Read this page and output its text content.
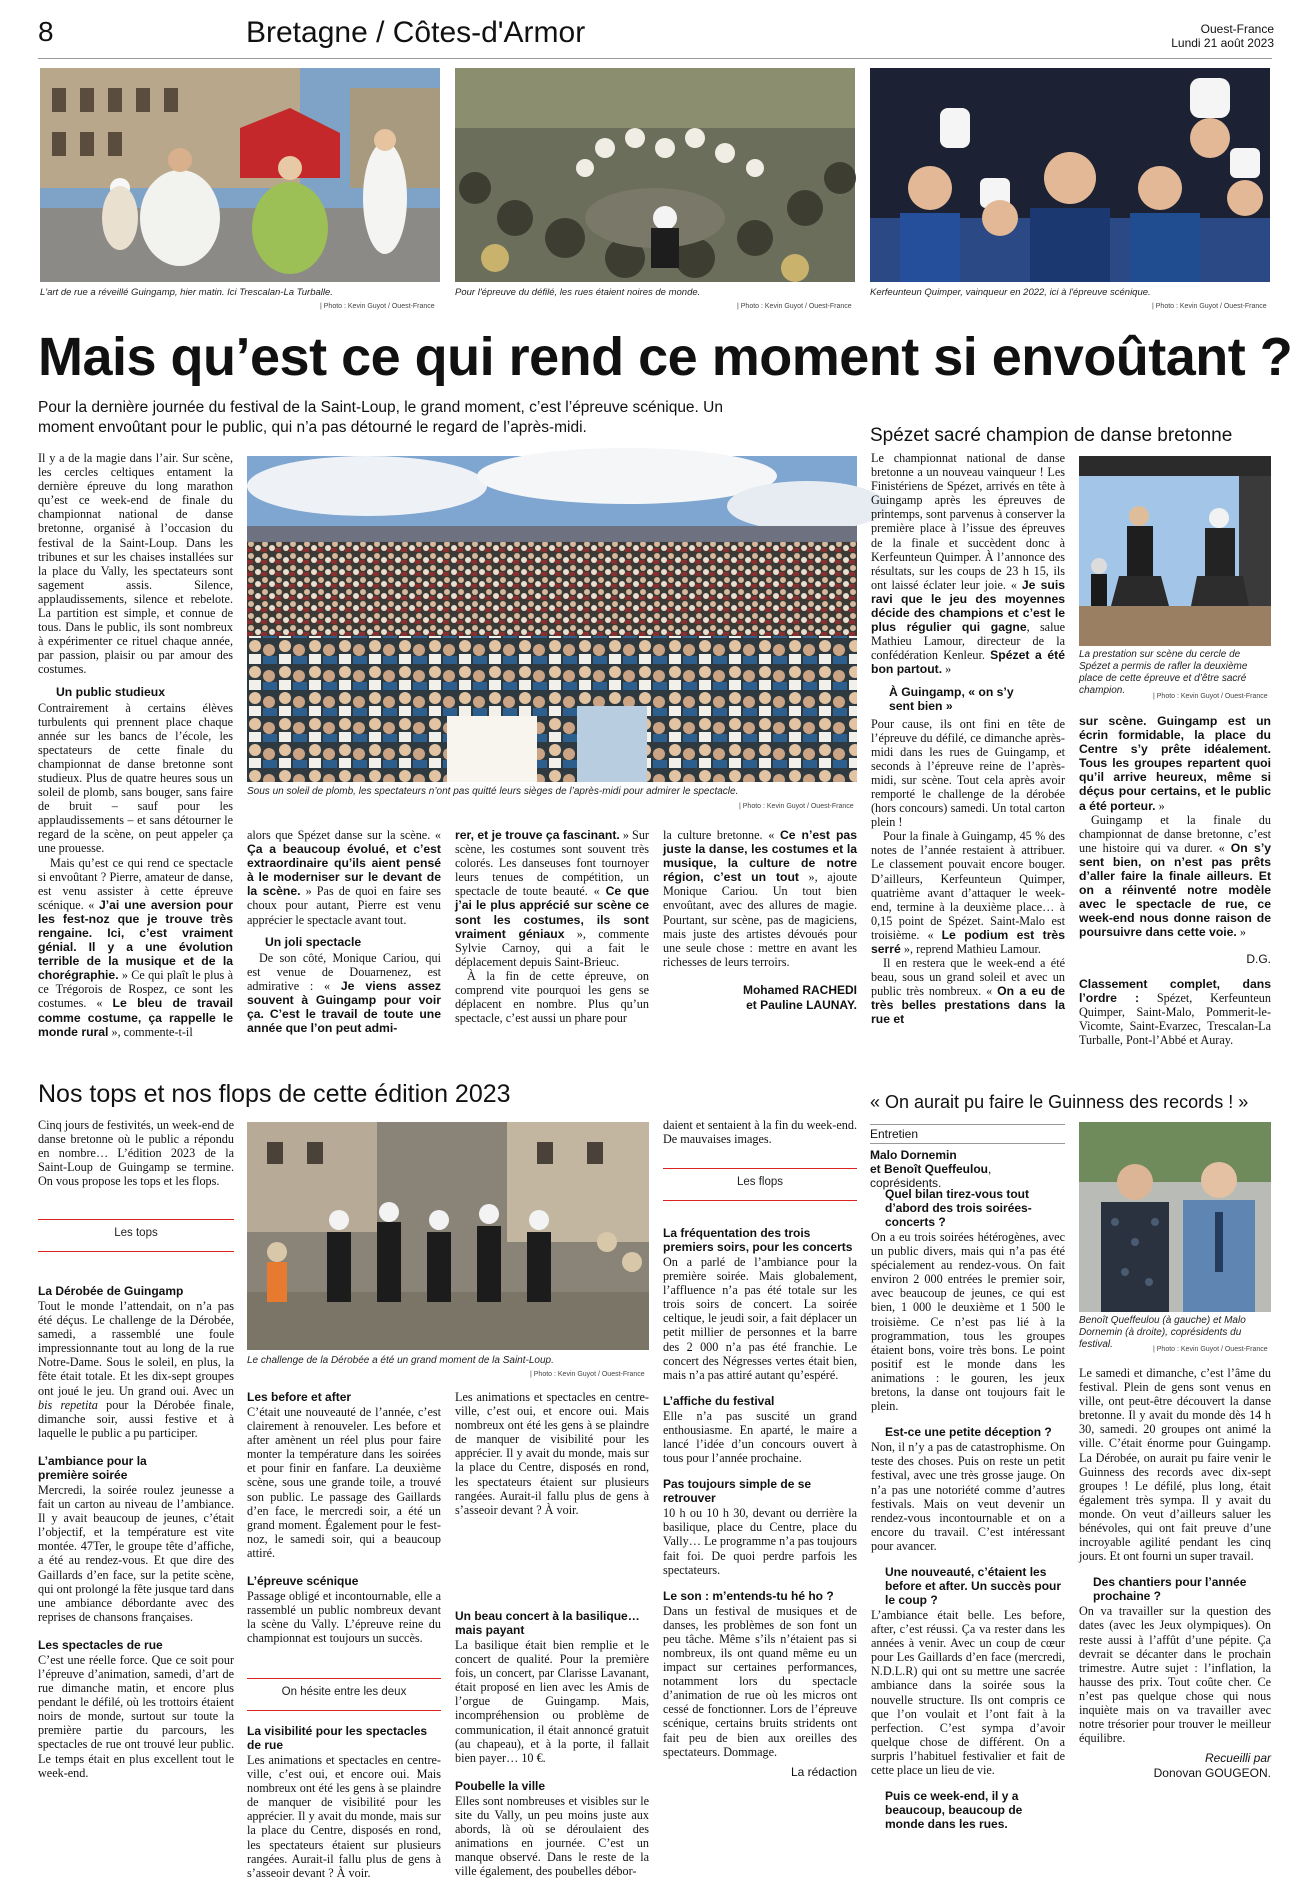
8	Bretagne / Côtes-d'Armor	Ouest-France
Lundi 21 août 2023
L'art de rue a réveillé Guingamp, hier matin. Ici Trescalan-La Turballe.
| Photo : Kevin Guyot / Ouest-France
Pour l'épreuve du défilé, les rues étaient noires de monde.
| Photo : Kevin Guyot / Ouest-France
Kerfeunteun Quimper, vainqueur en 2022, ici à l'épreuve scénique.
| Photo : Kevin Guyot / Ouest-France
Mais qu’est ce qui rend ce moment si envoûtant ?
Pour la dernière journée du festival de la Saint-Loup, le grand moment, c’est l’épreuve scénique. Un moment envoûtant pour le public, qui n’a pas détourné le regard de l’après-midi.
Sous un soleil de plomb, les spectateurs n’ont pas quitté leurs sièges de l’après-midi pour admirer le spectacle.
| Photo : Kevin Guyot / Ouest-France

Il y a de la magie dans l’air. Sur scène, les cercles celtiques entament la dernière épreuve du long marathon qu’est ce week-end de finale du championnat national de danse bretonne, organisé à l’occasion du festival de la Saint-Loup. Dans les tribunes et sur les chaises installées sur la place du Vally, les spectateurs sont sagement assis. Silence, applaudissements, silence et rebelote. La partition est simple, et connue de tous. Dans le public, ils sont nombreux à expérimenter ce rituel chaque année, par passion, plaisir ou par amour des costumes.

Un public studieux

Contrairement à certains élèves turbulents qui prennent place chaque année sur les bancs de l’école, les spectateurs de cette finale du championnat de danse bretonne sont studieux. Plus de quatre heures sous un soleil de plomb, sans bouger, sans faire de bruit – sauf pour les applaudissements – et sans détourner le regard de la scène, on peut appeler ça une prouesse.

Mais qu’est ce qui rend ce spectacle si envoûtant ? Pierre, amateur de danse, est venu assister à cette épreuve scénique. « J’ai une aversion pour les fest-noz que je trouve très rengaine. Ici, c’est vraiment génial. Il y a une évolution terrible de la musique et de la chorégraphie. » Ce qui plaît le plus à ce Trégorois de Rospez, ce sont les costumes. « Le bleu de travail comme costume, ça rappelle le monde rural », commente-t-il

alors que Spézet danse sur la scène. « Ça a beaucoup évolué, et c’est extraordinaire qu’ils aient pensé à le moderniser sur le devant de la scène. » Pas de quoi en faire ses choux pour autant, Pierre est venu apprécier le spectacle avant tout.

Un joli spectacle

De son côté, Monique Cariou, qui est venue de Douarnenez, est admirative : « Je viens assez souvent à Guingamp pour voir ça. C’est le travail de toute une année que l’on peut admi-

rer, et je trouve ça fascinant. » Sur scène, les costumes sont souvent très colorés. Les danseuses font tournoyer leurs tenues de compétition, un spectacle de toute beauté. « Ce que j’ai le plus apprécié sur scène ce sont les costumes, ils sont vraiment géniaux », commente Sylvie Carnoy, qui a fait le déplacement depuis Saint-Brieuc.

À la fin de cette épreuve, on comprend vite pourquoi les gens se déplacent en nombre. Plus qu’un spectacle, c’est aussi un phare pour

la culture bretonne. « Ce n’est pas juste la danse, les costumes et la musique, la culture de notre région, c’est un tout », ajoute Monique Cariou. Un tout bien envoûtant, avec des allures de magie. Pourtant, sur scène, pas de magiciens, mais juste des artistes dévoués pour une seule chose : mettre en avant les richesses de leurs terroirs.

Mohamed RACHEDI
et Pauline LAUNAY.
Spézet sacré champion de danse bretonne
La prestation sur scène du cercle de Spézet a permis de rafler la deuxième place de cette épreuve et d’être sacré champion.
| Photo : Kevin Guyot / Ouest-France

Le championnat national de danse bretonne a un nouveau vainqueur ! Les Finistériens de Spézet, arrivés en tête à Guingamp après les épreuves de printemps, sont parvenus à conserver la première place à l’issue des épreuves de la finale et succèdent donc à Kerfeunteun Quimper. À l’annonce des résultats, sur les coups de 23 h 15, ils ont laissé éclater leur joie. « Je suis ravi que le jeu des moyennes décide des champions et c’est le plus régulier qui gagne, salue Mathieu Lamour, directeur de la confédération Kenleur. Spézet a été bon partout. »

À Guingamp, « on s’y sent bien »

Pour cause, ils ont fini en tête de l’épreuve du défilé, ce dimanche après-midi dans les rues de Guingamp, et seconds à l’épreuve reine de l’après-midi, sur scène. Tout cela après avoir remporté le challenge de la dérobée (hors concours) samedi. Un total carton plein !

Pour la finale à Guingamp, 45 % des notes de l’année restaient à attribuer. Le classement pouvait encore bouger. D’ailleurs, Kerfeunteun Quimper, quatrième avant d’attaquer le week-end, termine à la deuxième place… à 0,15 point de Spézet. Saint-Malo est troisième. « Le podium est très serré », reprend Mathieu Lamour.

Il en restera que le week-end a été beau, sous un grand soleil et avec un public très nombreux. « On a eu de très belles prestations dans la rue et

sur scène. Guingamp est un écrin formidable, la place du Centre s’y prête idéalement. Tous les groupes repartent quoi qu’il arrive heureux, même si déçus pour certains, et le public a été porteur. »

Guingamp et la finale du championnat de danse bretonne, c’est une histoire qui va durer. « On s’y sent bien, on n’est pas prêts d’aller faire la finale ailleurs. Et on a réinventé notre modèle avec le spectacle de rue, ce week-end nous donne raison de poursuivre dans cette voie. »

D.G.

Classement complet, dans l’ordre : Spézet, Kerfeunteun Quimper, Saint-Malo, Pommerit-le-Vicomte, Saint-Evarzec, Trescalan-La Turballe, Pont-l’Abbé et Auray.

Nos tops et nos flops de cette édition 2023

Cinq jours de festivités, un week-end de danse bretonne où le public a répondu en nombre… L’édition 2023 de la Saint-Loup de Guingamp se termine. On vous propose les tops et les flops.

Les tops
La Dérobée de Guingamp

Tout le monde l’attendait, on n’a pas été déçus. Le challenge de la Dérobée, samedi, a rassemblé une foule impressionnante tout au long de la rue Notre-Dame. Sous le soleil, en plus, la fête était totale. Et les dix-sept groupes ont joué le jeu. Un grand oui. Avec un bis repetita pour la Dérobée finale, dimanche soir, aussi festive et à laquelle le public a pu participer.

L’ambiance pour la première soirée

Mercredi, la soirée roulez jeunesse a fait un carton au niveau de l’ambiance. Il y avait beaucoup de jeunes, c’était l’objectif, et la température est vite montée. 47Ter, le groupe tête d’affiche, a été au rendez-vous. Et que dire des Gaillards d’en face, sur la petite scène, qui ont prolongé la fête jusque tard dans une ambiance débordante avec des reprises de chansons françaises.

Les spectacles de rue

C’est une réelle force. Que ce soit pour l’épreuve d’animation, samedi, d’art de rue dimanche matin, et encore plus pendant le défilé, où les trottoirs étaient noirs de monde, surtout sur toute la première partie du parcours, les spectacles de rue ont trouvé leur public. Le temps était en plus excellent tout le week-end.

Le challenge de la Dérobée a été un grand moment de la Saint-Loup.
| Photo : Kevin Guyot / Ouest-France
Les before et after

C’était une nouveauté de l’année, c’est clairement à renouveler. Les before et after amènent un réel plus pour faire monter la température dans les soirées et pour finir en fanfare. La deuxième scène, sous une grande toile, a trouvé son public. Le passage des Gaillards d’en face, le mercredi soir, a été un grand moment. Également pour le fest-noz, le samedi soir, qui a beaucoup attiré.

L’épreuve scénique

Passage obligé et incontournable, elle a rassemblé un public nombreux devant la scène du Vally. L’épreuve reine du championnat est toujours un succès.

On hésite entre les deux
La visibilité pour les spectacles de rue

Les animations et spectacles en centre-ville, c’est oui, et encore oui. Mais nombreux ont été les gens à se plaindre de manquer de visibilité pour les apprécier. Il y avait du monde, mais sur la place du Centre, disposés en rond, les spectateurs étaient sur plusieurs rangées. Aurait-il fallu plus de gens à s’asseoir devant ? À voir.

Les animations et spectacles en centre-ville, c’est oui, et encore oui. Mais nombreux ont été les gens à se plaindre de manquer de visibilité pour les apprécier. Il y avait du monde, mais sur la place du Centre, disposés en rond, les spectateurs étaient sur plusieurs rangées. Aurait-il fallu plus de gens à s’asseoir devant ? À voir.

Un beau concert à la basilique… mais payant

La basilique était bien remplie et le concert de qualité. Pour la première fois, un concert, par Clarisse Lavanant, était proposé en lien avec les Amis de l’orgue de Guingamp. Mais, incompréhension ou problème de communication, il était annoncé gratuit (au chapeau), et à la porte, il fallait bien payer… 10 €.

Poubelle la ville

Elles sont nombreuses et visibles sur le site du Vally, un peu moins juste aux abords, là où se déroulaient des animations en journée. C’est un manque observé. Dans le reste de la ville également, des poubelles débor-

daient et sentaient à la fin du week-end. De mauvaises images.

Les flops
La fréquentation des trois premiers soirs, pour les concerts

On a parlé de l’ambiance pour la première soirée. Mais globalement, l’affluence n’a pas été totale sur les trois soirs de concert. La soirée celtique, le jeudi soir, a fait déplacer un petit millier de personnes et la barre des 2 000 n’a pas été franchie. Le concert des Négresses vertes était bien, mais n’a pas attiré autant qu’espéré.

L’affiche du festival

Elle n’a pas suscité un grand enthousiasme. En aparté, le maire a lancé l’idée d’un concours ouvert à tous pour l’année prochaine.

Pas toujours simple de se retrouver

10 h ou 10 h 30, devant ou derrière la basilique, place du Centre, place du Vally… Le programme n’a pas toujours fait foi. De quoi perdre parfois les spectateurs.

Le son : m’entends-tu hé ho ?

Dans un festival de musiques et de danses, les problèmes de son font un peu tâche. Même s’ils n’étaient pas si nombreux, ils ont quand même eu un impact sur certaines performances, notamment lors du spectacle d’animation de rue où les micros ont cessé de fonctionner. Lors de l’épreuve scénique, certains bruits stridents ont fait peu de bien aux oreilles des spectateurs. Dommage.

La rédaction
« On aurait pu faire le Guinness des records ! »
Entretien
Malo Dornemin
et Benoît Queffeulou, coprésidents.
Benoît Queffeulou (à gauche) et Malo Dornemin (à droite), coprésidents du festival.	| Photo : Kevin Guyot / Ouest-France
Quel bilan tirez-vous tout d’abord des trois soirées-concerts ?

On a eu trois soirées hétérogènes, avec un public divers, mais qui n’a pas été spécialement au rendez-vous. On fait environ 2 000 entrées le premier soir, avec beaucoup de jeunes, ce qui est bien, 1 000 le deuxième et 1 500 le troisième. Ce n’est pas lié à la programmation, tous les groupes étaient bons, voire très bons. Le point positif est le monde dans les animations : le gouren, les jeux bretons, la danse ont toujours fait le plein.

Est-ce une petite déception ?

Non, il n’y a pas de catastrophisme. On teste des choses. Puis on reste un petit festival, avec une très grosse jauge. On n’a pas une notoriété comme d’autres festivals. Mais on veut devenir un rendez-vous incontournable et on a encore du travail. C’est intéressant pour avancer.

Une nouveauté, c’étaient les before et after. Un succès pour le coup ?

L’ambiance était belle. Les before, after, c’est réussi. Ça va rester dans les années à venir. Avec un coup de cœur pour Les Gaillards d’en face (mercredi, N.D.L.R) qui ont su mettre une sacrée ambiance dans la soirée sous la nouvelle structure. Ils ont compris ce que l’on voulait et l’ont fait à la perfection. C’est sympa d’avoir quelque chose de différent. On a surpris l’habituel festivalier et fait de cette place un lieu de vie.

Puis ce week-end, il y a beaucoup, beaucoup de monde dans les rues.

Le samedi et dimanche, c’est l’âme du festival. Plein de gens sont venus en ville, ont peut-être découvert la danse bretonne. Il y avait du monde dès 14 h 30, samedi. 20 groupes ont animé la ville. C’était énorme pour Guingamp. La Dérobée, on aurait pu faire venir le Guinness des records avec dix-sept groupes ! Le défilé, plus long, était également très sympa. Il y avait du monde. On veut d’ailleurs saluer les bénévoles, qui ont fait preuve d’une incroyable agilité pendant les cinq jours. Et ont fourni un super travail.

Des chantiers pour l’année prochaine ?

On va travailler sur la question des dates (avec les Jeux olympiques). On reste aussi à l’affût d’une pépite. Ça devrait se décanter dans le prochain trimestre. Autre sujet : l’inflation, la hausse des prix. Tout coûte cher. Ce n’est pas quelque chose qui nous inquiète mais on va travailler avec notre trésorier pour trouver le meilleur équilibre.

Recueilli par
Donovan GOUGEON.
